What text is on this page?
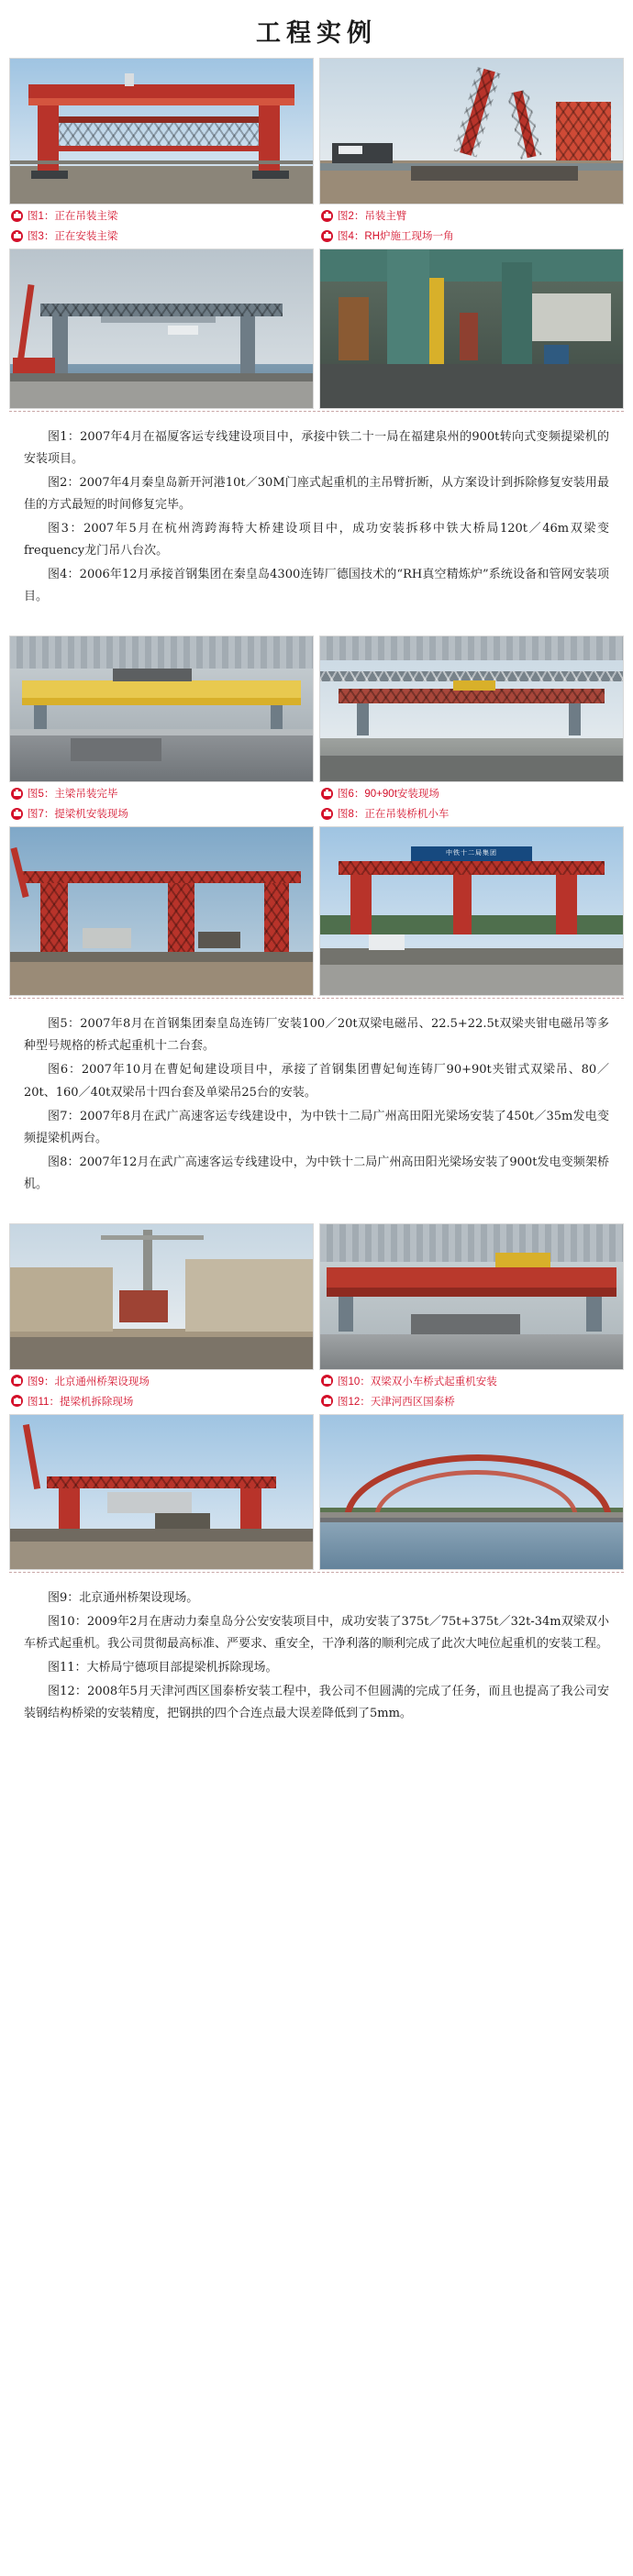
工程实例
图1：正在吊装主梁	图2：吊装主臂
图3：正在安装主梁	图4：RH炉施工现场一角

图1：2007年4月在福厦客运专线建设项目中，承接中铁二十一局在福建泉州的900t转向式变频提梁机的安装项目。

图2：2007年4月秦皇岛新开河港10t／30M门座式起重机的主吊臂折断，从方案设计到拆除修复安装用最佳的方式最短的时间修复完毕。

图3：2007年5月在杭州湾跨海特大桥建设项目中，成功安装拆移中铁大桥局120t／46m双梁变frequency龙门吊八台次。

图4：2006年12月承接首钢集团在秦皇岛4300连铸厂德国技术的“RH真空精炼炉”系统设备和管网安装项目。

图5：主梁吊装完毕	图6：90+90t安装现场
图7：提梁机安装现场	图8：正在吊装桥机小车
中铁十二局集团

图5：2007年8月在首钢集团秦皇岛连铸厂安装100／20t双梁电磁吊、22.5+22.5t双梁夹钳电磁吊等多种型号规格的桥式起重机十二台套。

图6：2007年10月在曹妃甸建设项目中，承接了首钢集团曹妃甸连铸厂90+90t夹钳式双梁吊、80／20t、160／40t双梁吊十四台套及单梁吊25台的安装。

图7：2007年8月在武广高速客运专线建设中，为中铁十二局广州高田阳光梁场安装了450t／35m发电变频提梁机两台。

图8：2007年12月在武广高速客运专线建设中，为中铁十二局广州高田阳光梁场安装了900t发电变频架桥机。

图9：北京通州桥架设现场	图10：双梁双小车桥式起重机安装
图11：提梁机拆除现场	图12：天津河西区国泰桥

图9：北京通州桥架设现场。

图10：2009年2月在唐动力秦皇岛分公安安装项目中，成功安装了375t／75t+375t／32t-34m双梁双小车桥式起重机。我公司贯彻最高标准、严要求、重安全，干净利落的顺利完成了此次大吨位起重机的安装工程。

图11：大桥局宁德项目部提梁机拆除现场。

图12：2008年5月天津河西区国泰桥安装工程中，我公司不但圆满的完成了任务，而且也提高了我公司安装钢结构桥梁的安装精度，把钢拱的四个合连点最大误差降低到了5mm。
